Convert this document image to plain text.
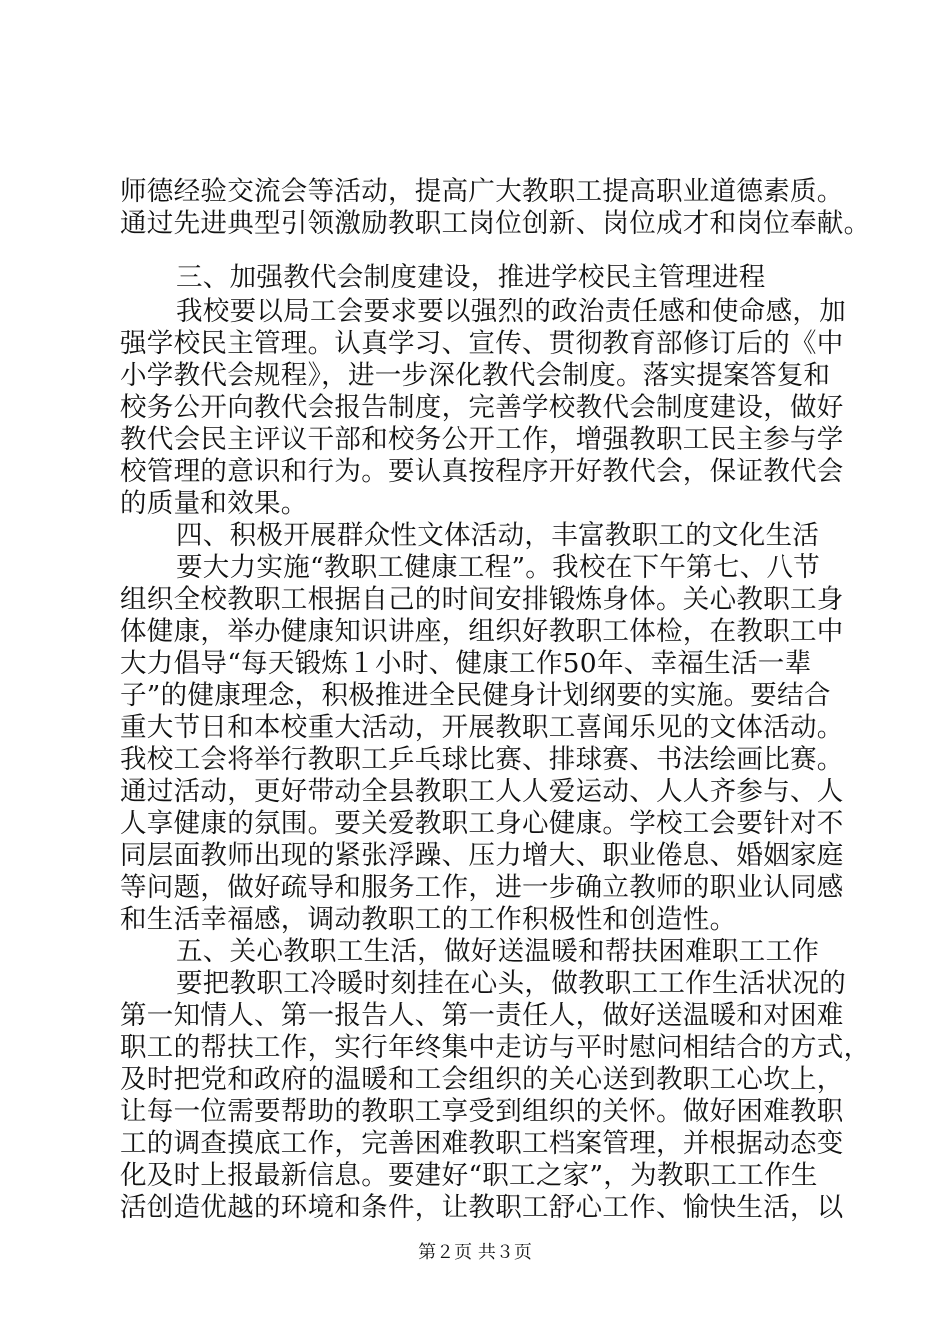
师德经验交流会等活动，提高广大教职工提高职业道德素质。
通过先进典型引领激励教职工岗位创新、岗位成才和岗位奉献。
三、加强教代会制度建设，推进学校民主管理进程
我校要以局工会要求要以强烈的政治责任感和使命感，加
强学校民主管理。认真学习、宣传、贯彻教育部修订后的《中
小学教代会规程》，进一步深化教代会制度。落实提案答复和
校务公开向教代会报告制度，完善学校教代会制度建设，做好
教代会民主评议干部和校务公开工作，增强教职工民主参与学
校管理的意识和行为。要认真按程序开好教代会，保证教代会
的质量和效果。
四、积极开展群众性文体活动，丰富教职工的文化生活
要大力实施“教职工健康工程”。我校在下午第七、八节
组织全校教职工根据自己的时间安排锻炼身体。关心教职工身
体健康，举办健康知识讲座，组织好教职工体检，在教职工中
大力倡导“每天锻炼１小时、健康工作50年、幸福生活一辈
子”的健康理念，积极推进全民健身计划纲要的实施。要结合
重大节日和本校重大活动，开展教职工喜闻乐见的文体活动。
我校工会将举行教职工乒乓球比赛、排球赛、书法绘画比赛。
通过活动，更好带动全县教职工人人爱运动、人人齐参与、人
人享健康的氛围。要关爱教职工身心健康。学校工会要针对不
同层面教师出现的紧张浮躁、压力增大、职业倦息、婚姻家庭
等问题，做好疏导和服务工作，进一步确立教师的职业认同感
和生活幸福感，调动教职工的工作积极性和创造性。
五、关心教职工生活，做好送温暖和帮扶困难职工工作
要把教职工冷暖时刻挂在心头，做教职工工作生活状况的
第一知情人、第一报告人、第一责任人，做好送温暖和对困难
职工的帮扶工作，实行年终集中走访与平时慰问相结合的方式，
及时把党和政府的温暖和工会组织的关心送到教职工心坎上，
让每一位需要帮助的教职工享受到组织的关怀。做好困难教职
工的调查摸底工作，完善困难教职工档案管理，并根据动态变
化及时上报最新信息。要建好“职工之家”，为教职工工作生
活创造优越的环境和条件，让教职工舒心工作、愉快生活，以
第２页 共３页
